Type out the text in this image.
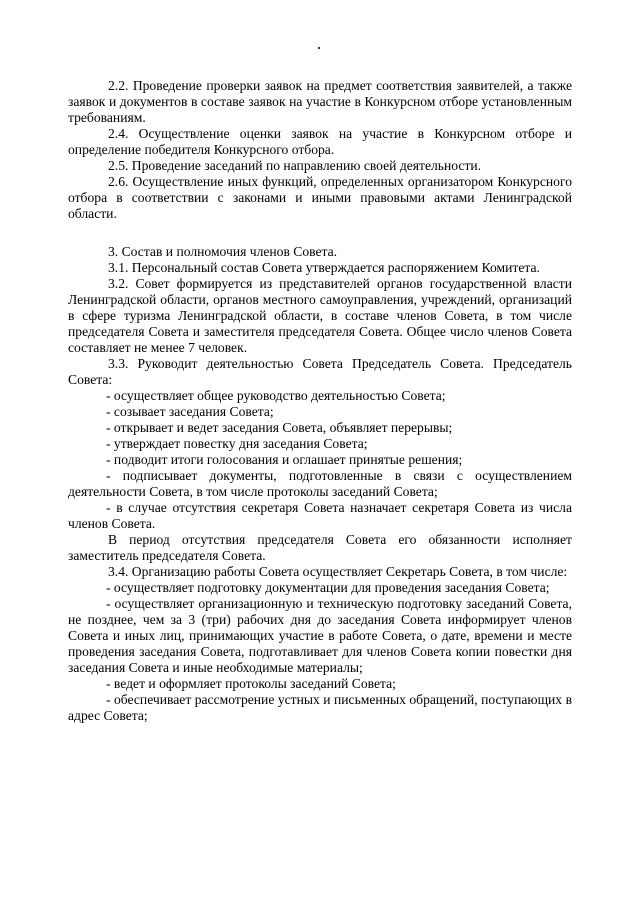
2.2. Проведение проверки заявок на предмет соответствия заявителей, а также заявок и документов в составе заявок на участие в Конкурсном отборе установленным требованиям.

2.4. Осуществление оценки заявок на участие в Конкурсном отборе и определение победителя Конкурсного отбора.

2.5. Проведение заседаний по направлению своей деятельности.

2.6. Осуществление иных функций, определенных организатором Конкурсного отбора в соответствии с законами и иными правовыми актами Ленинградской области.

3. Состав и полномочия членов Совета.

3.1. Персональный состав Совета утверждается распоряжением Комитета.

3.2. Совет формируется из представителей органов государственной власти Ленинградской области, органов местного самоуправления, учреждений, организаций в сфере туризма Ленинградской области, в составе членов Совета, в том числе председателя Совета и заместителя председателя Совета. Общее число членов Совета составляет не менее 7 человек.

3.3. Руководит деятельностью Совета Председатель Совета. Председатель Совета:

- осуществляет общее руководство деятельностью Совета;

- созывает заседания Совета;

- открывает и ведет заседания Совета, объявляет перерывы;

- утверждает повестку дня заседания Совета;

- подводит итоги голосования и оглашает принятые решения;

- подписывает документы, подготовленные в связи с осуществлением деятельности Совета, в том числе протоколы заседаний Совета;

- в случае отсутствия секретаря Совета назначает секретаря Совета из числа членов Совета.

В период отсутствия председателя Совета его обязанности исполняет заместитель председателя Совета.

3.4. Организацию работы Совета осуществляет Секретарь Совета, в том числе:

- осуществляет подготовку документации для проведения заседания Совета;

- осуществляет организационную и техническую подготовку заседаний Совета, не позднее, чем за 3 (три) рабочих дня до заседания Совета информирует членов Совета и иных лиц, принимающих участие в работе Совета, о дате, времени и месте проведения заседания Совета, подготавливает для членов Совета копии повестки дня заседания Совета и иные необходимые материалы;

- ведет и оформляет протоколы заседаний Совета;

- обеспечивает рассмотрение устных и письменных обращений, поступающих в адрес Совета;
